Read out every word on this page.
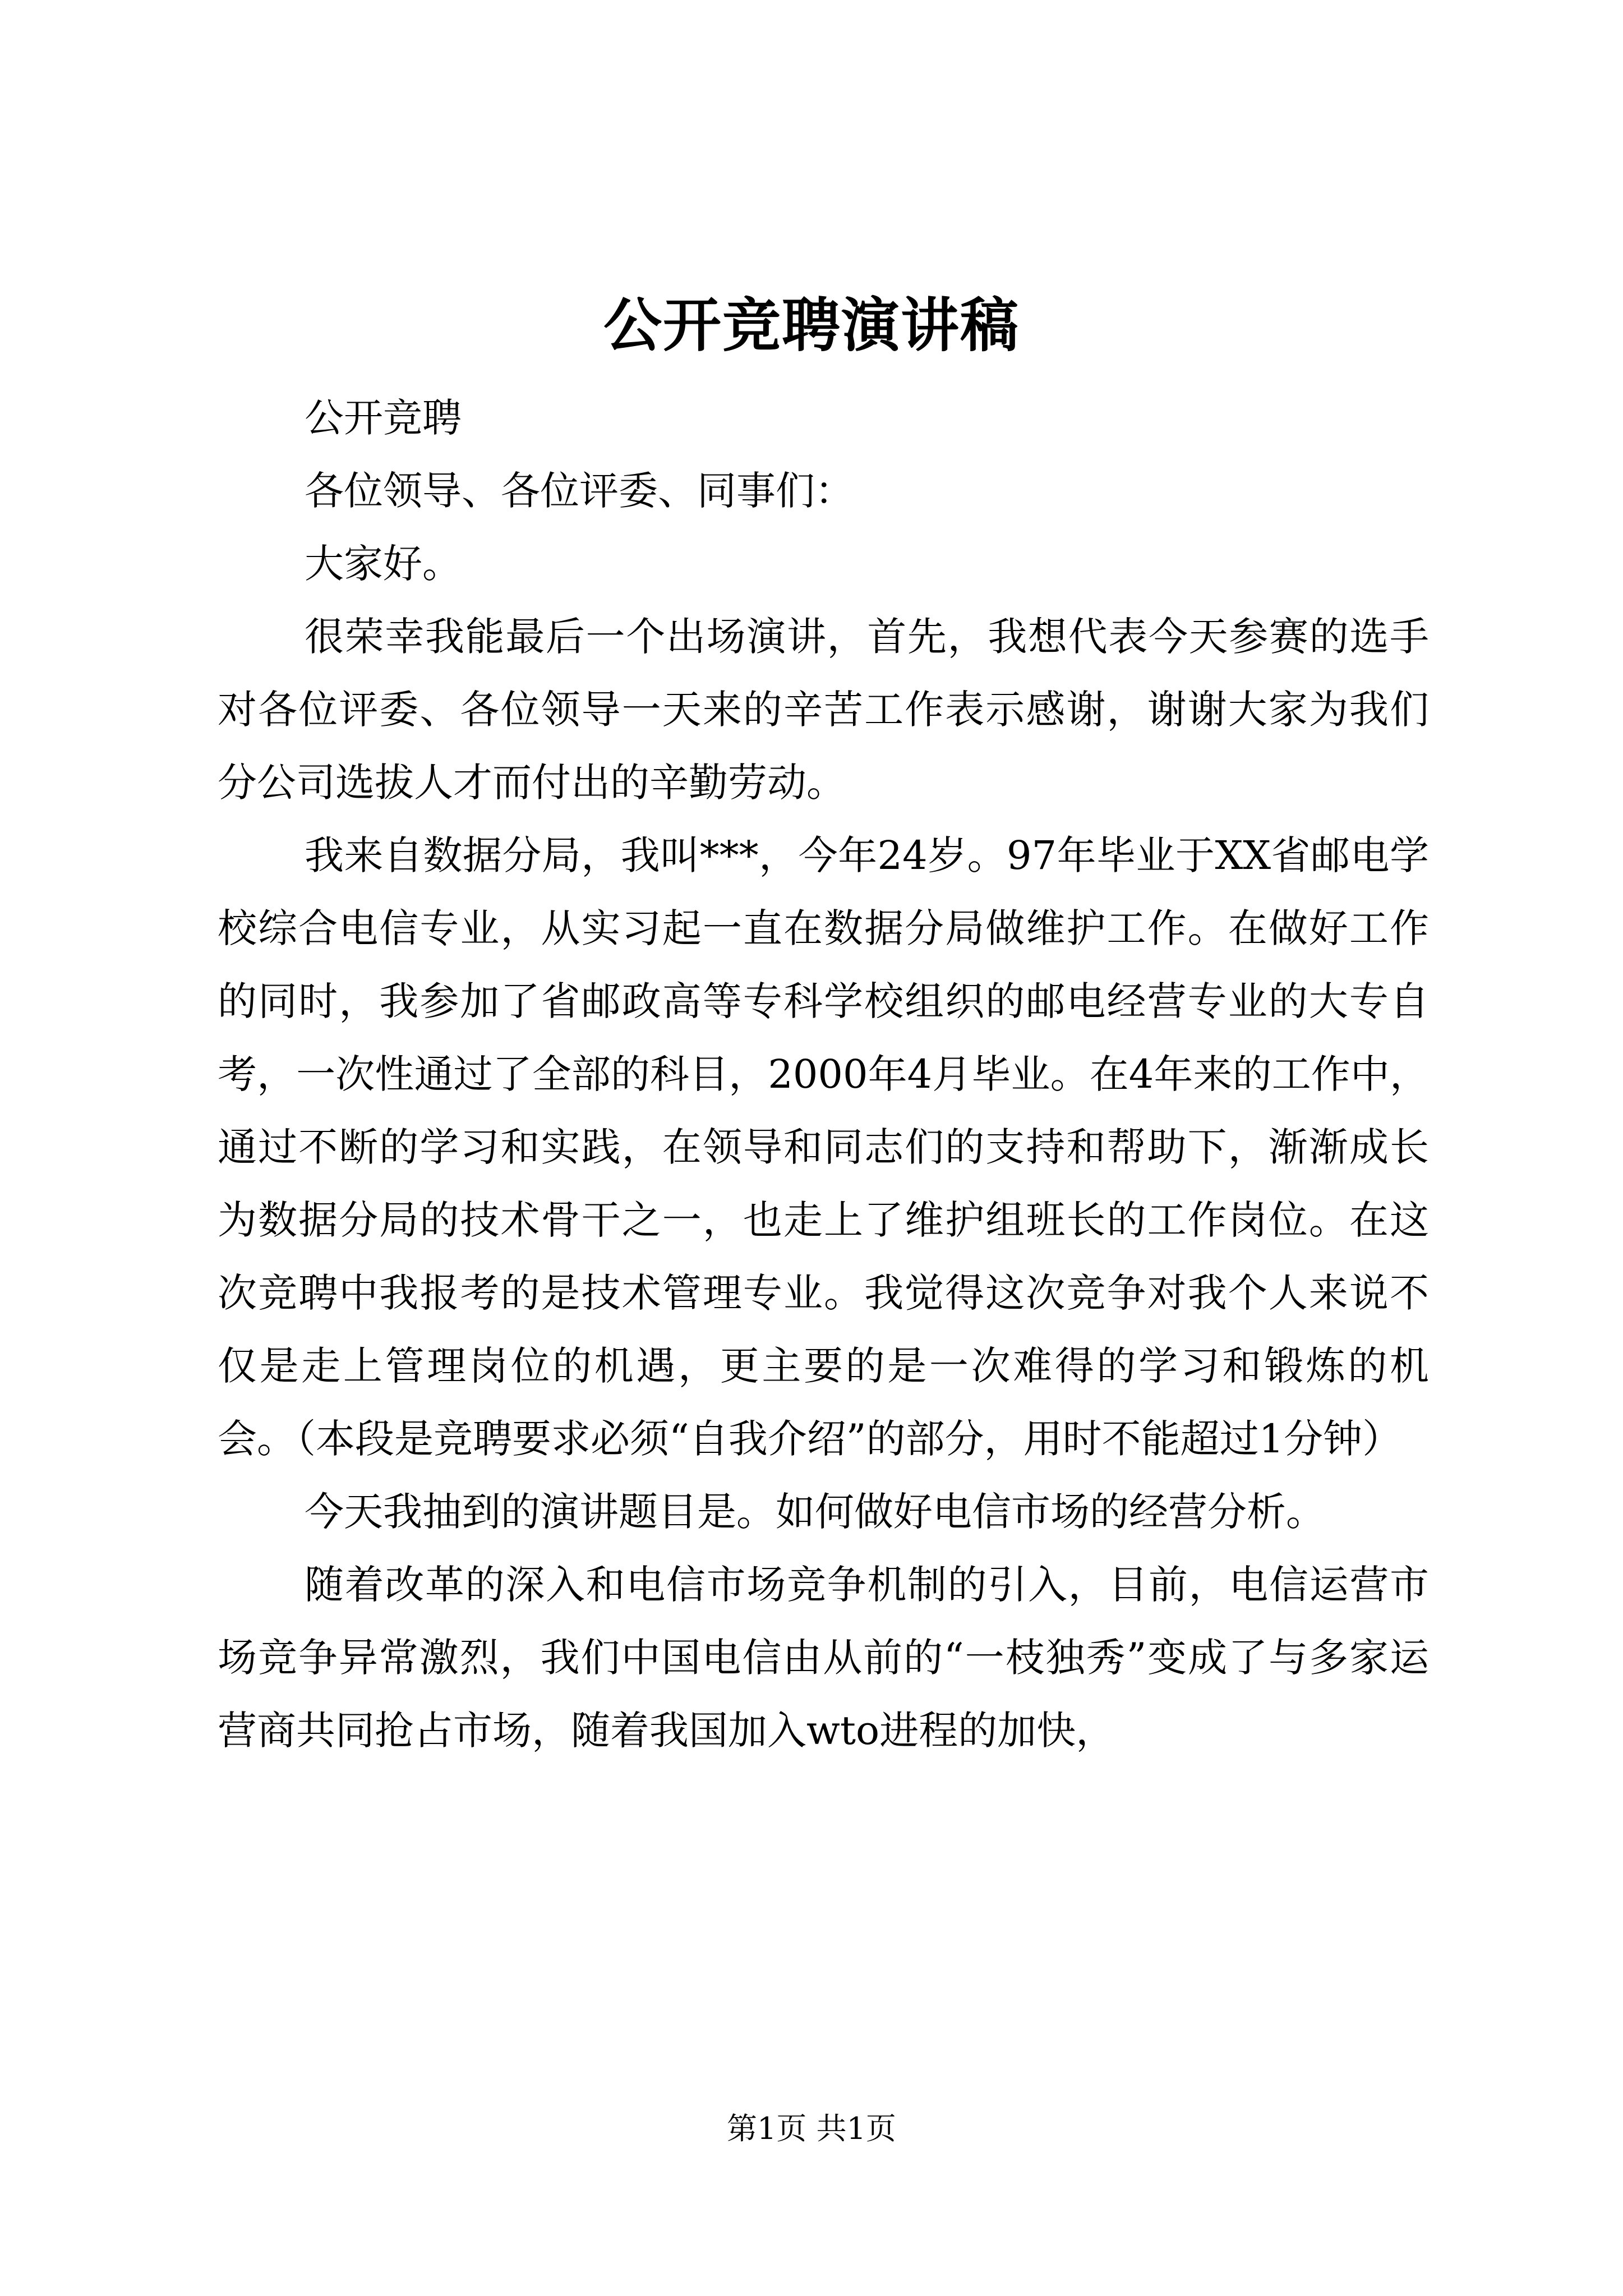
公开竞聘演讲稿

公开竞聘

各位领导、各位评委、同事们：

大家好。

很荣幸我能最后一个出场演讲，首先，我想代表今天参赛的选手对各位评委、各位领导一天来的辛苦工作表示感谢，谢谢大家为我们分公司选拔人才而付出的辛勤劳动。

我来自数据分局，我叫***，今年24岁。97年毕业于XX省邮电学校综合电信专业，从实习起一直在数据分局做维护工作。在做好工作的同时，我参加了省邮政高等专科学校组织的邮电经营专业的大专自考，一次性通过了全部的科目，2000年4月毕业。在4年来的工作中，通过不断的学习和实践，在领导和同志们的支持和帮助下，渐渐成长为数据分局的技术骨干之一，也走上了维护组班长的工作岗位。在这次竞聘中我报考的是技术管理专业。我觉得这次竞争对我个人来说不仅是走上管理岗位的机遇，更主要的是一次难得的学习和锻炼的机会。（本段是竞聘要求必须“自我介绍”的部分，用时不能超过1分钟）

今天我抽到的演讲题目是。如何做好电信市场的经营分析。

随着改革的深入和电信市场竞争机制的引入，目前，电信运营市场竞争异常激烈，我们中国电信由从前的“一枝独秀”变成了与多家运营商共同抢占市场，随着我国加入wto进程的加快，

第1页 共1页
